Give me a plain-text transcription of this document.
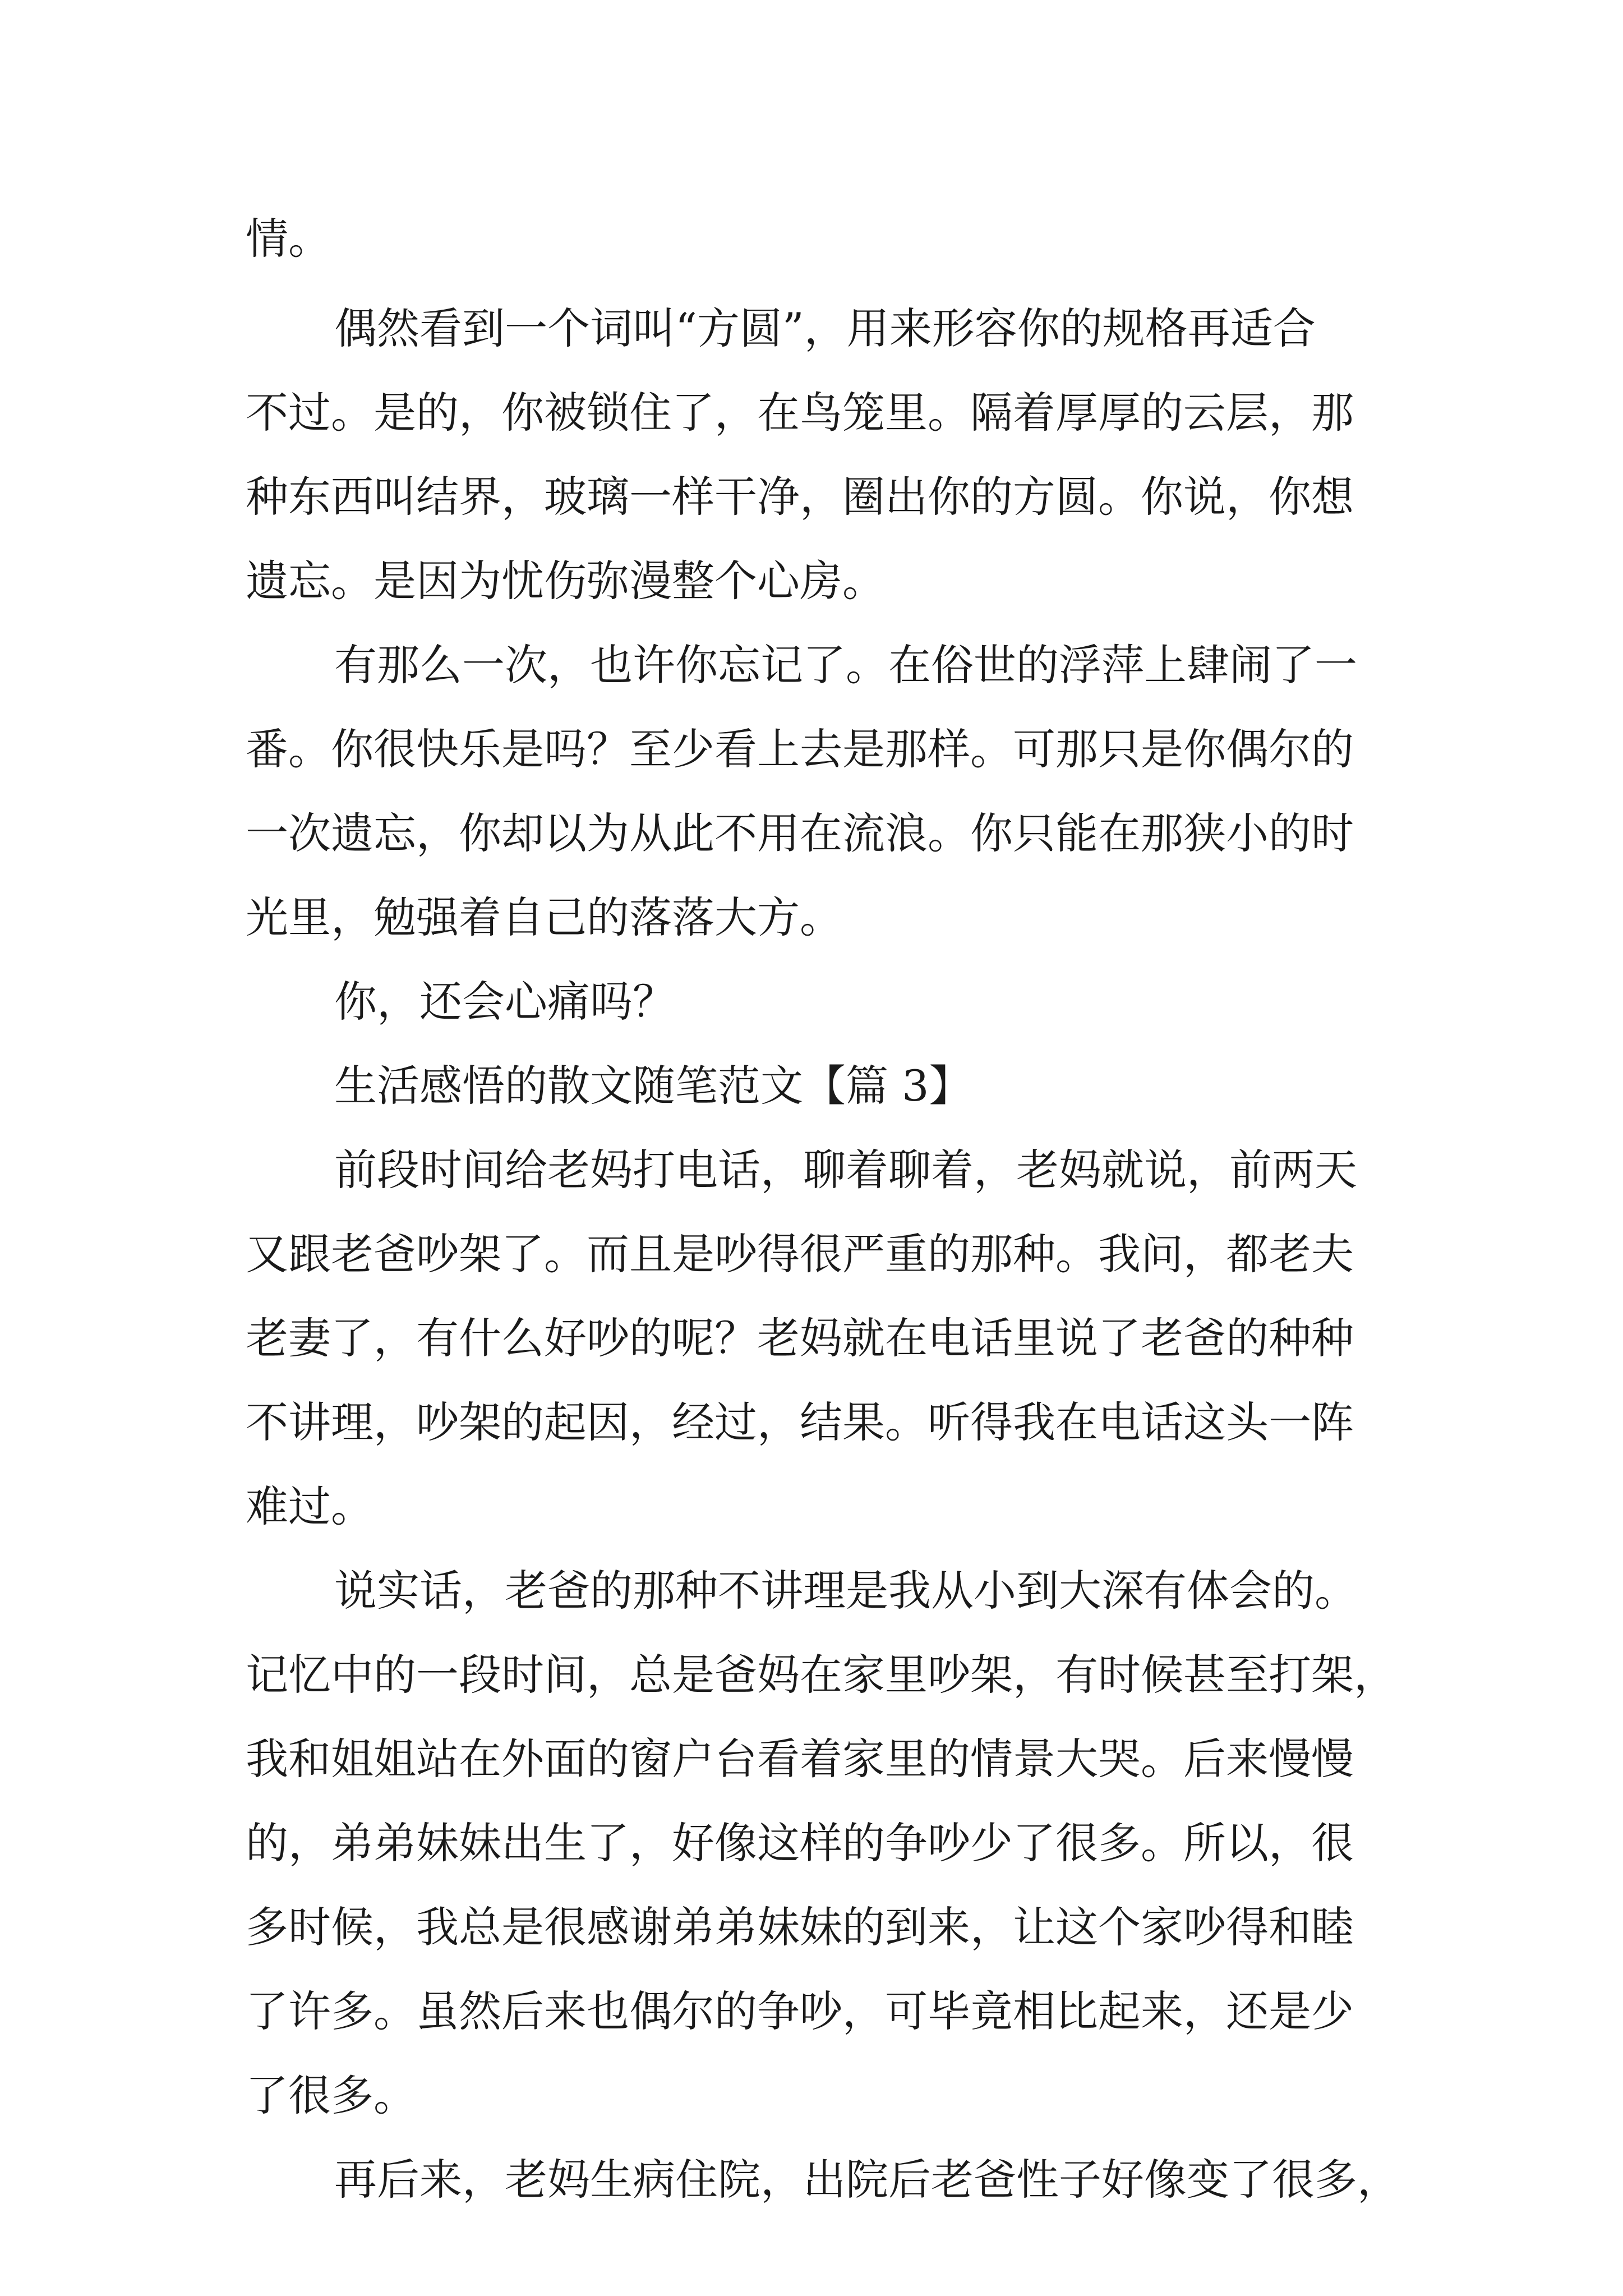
情。
偶然看到一个词叫“方圆”，用来形容你的规格再适合
不过。是的，你被锁住了，在鸟笼里。隔着厚厚的云层，那
种东西叫结界，玻璃一样干净，圈出你的方圆。你说，你想
遗忘。是因为忧伤弥漫整个心房。
有那么一次，也许你忘记了。在俗世的浮萍上肆闹了一
番。你很快乐是吗？至少看上去是那样。可那只是你偶尔的
一次遗忘，你却以为从此不用在流浪。你只能在那狭小的时
光里，勉强着自己的落落大方。
你，还会心痛吗？
生活感悟的散文随笔范文【篇 3】
前段时间给老妈打电话，聊着聊着，老妈就说，前两天
又跟老爸吵架了。而且是吵得很严重的那种。我问，都老夫
老妻了，有什么好吵的呢？老妈就在电话里说了老爸的种种
不讲理，吵架的起因，经过，结果。听得我在电话这头一阵
难过。
说实话，老爸的那种不讲理是我从小到大深有体会的。
记忆中的一段时间，总是爸妈在家里吵架，有时候甚至打架，
我和姐姐站在外面的窗户台看着家里的情景大哭。后来慢慢
的，弟弟妹妹出生了，好像这样的争吵少了很多。所以，很
多时候，我总是很感谢弟弟妹妹的到来，让这个家吵得和睦
了许多。虽然后来也偶尔的争吵，可毕竟相比起来，还是少
了很多。
再后来，老妈生病住院，出院后老爸性子好像变了很多，
